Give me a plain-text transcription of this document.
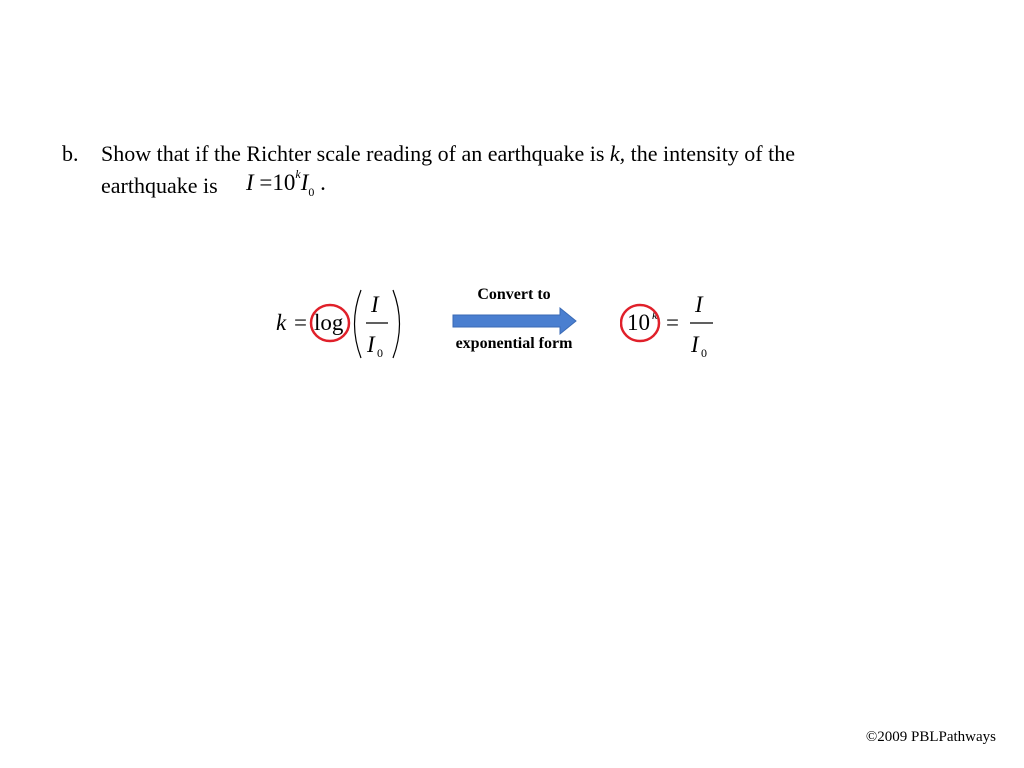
b. Show that if the Richter scale reading of an earthquake is k, the intensity of the
earthquake is $I =10^kI_0$ .
k = log
I
I 0
Convert to
exponential form
10 k =
I
I 0
©2009 PBLPathways
